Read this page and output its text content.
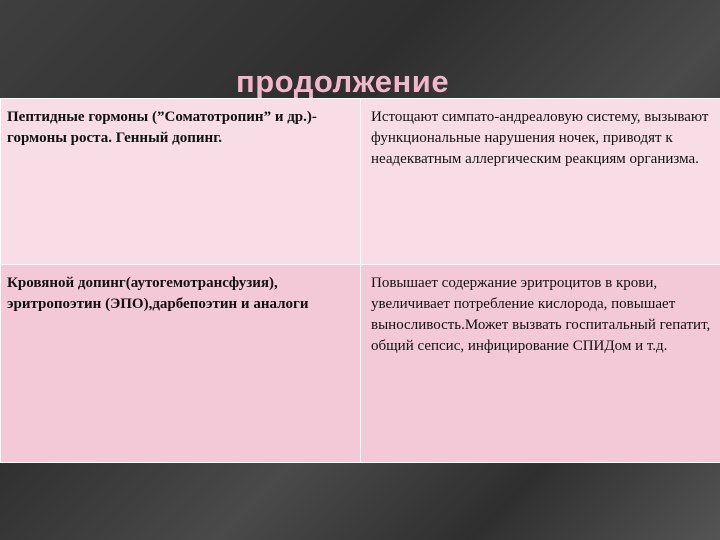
продолжение
Пептидные гормоны (”Соматотропин” и др.)- гормоны роста. Генный допинг.	Истощают симпато-андреаловую систему, вызывают функциональные нарушения ночек, приводят к неадекватным аллергическим реакциям организма.
Кровяной допинг(аутогемотрансфузия), эритропоэтин (ЭПО),дарбепоэтин и аналоги	Повышает содержание эритроцитов в крови, увеличивает потребление кислорода, повышает выносливость.Может вызвать госпитальный гепатит, общий сепсис, инфицирование СПИДом и т.д.
